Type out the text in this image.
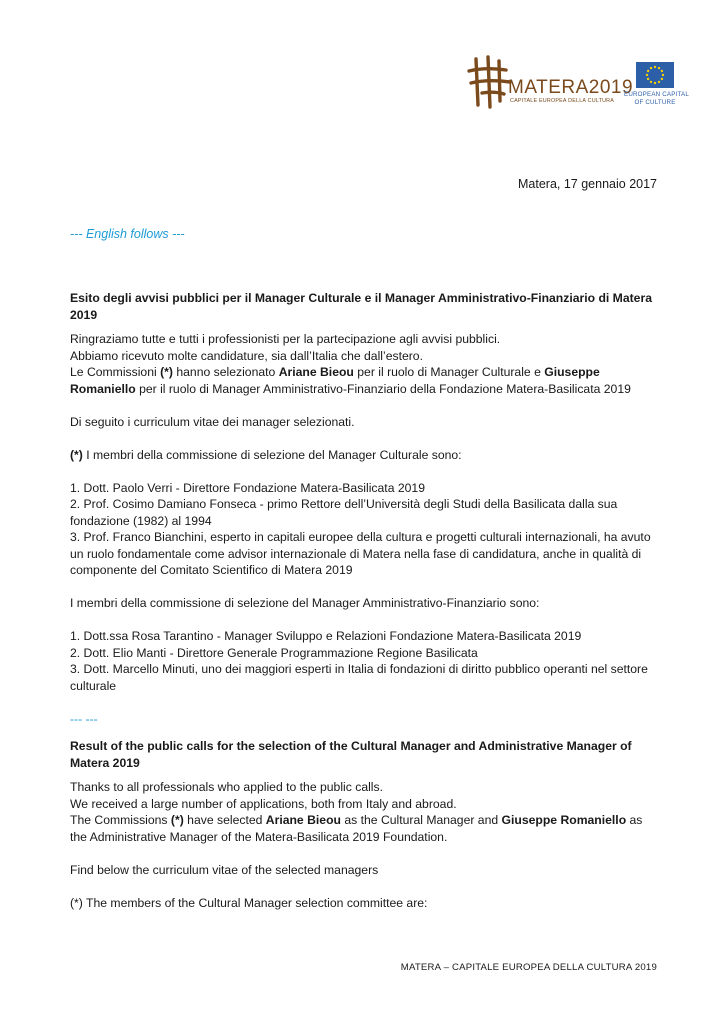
MATERA2019
CAPITALE EUROPEA DELLA CULTURA
EUROPEAN CAPITAL
OF CULTURE
Matera, 17 gennaio 2017
--- English follows ---

Esito degli avvisi pubblici per il Manager Culturale e il Manager Amministrativo-Finanziario di Matera 2019

Ringraziamo tutte e tutti i professionisti per la partecipazione agli avvisi pubblici.

Abbiamo ricevuto molte candidature, sia dall’Italia che dall’estero.

Le Commissioni (*) hanno selezionato Ariane Bieou per il ruolo di Manager Culturale e Giuseppe Romaniello per il ruolo di Manager Amministrativo-Finanziario della Fondazione Matera-Basilicata 2019

Di seguito i curriculum vitae dei manager selezionati.

(*) I membri della commissione di selezione del Manager Culturale sono:

1. Dott. Paolo Verri - Direttore Fondazione Matera-Basilicata 2019

2. Prof. Cosimo Damiano Fonseca - primo Rettore dell’Università degli Studi della Basilicata dalla sua fondazione (1982) al 1994

3. Prof. Franco Bianchini, esperto in capitali europee della cultura e progetti culturali internazionali, ha avuto un ruolo fondamentale come advisor internazionale di Matera nella fase di candidatura, anche in qualità di componente del Comitato Scientifico di Matera 2019

I membri della commissione di selezione del Manager Amministrativo-Finanziario sono:

1. Dott.ssa Rosa Tarantino - Manager Sviluppo e Relazioni Fondazione Matera-Basilicata 2019

2. Dott. Elio Manti - Direttore Generale Programmazione Regione Basilicata

3. Dott. Marcello Minuti, uno dei maggiori esperti in Italia di fondazioni di diritto pubblico operanti nel settore culturale

--- ---

Result of the public calls for the selection of the Cultural Manager and Administrative Manager of Matera 2019

Thanks to all professionals who applied to the public calls.

We received a large number of applications, both from Italy and abroad.

The Commissions (*) have selected Ariane Bieou as the Cultural Manager and Giuseppe Romaniello as the Administrative Manager of the Matera-Basilicata 2019 Foundation.

Find below the curriculum vitae of the selected managers

(*) The members of the Cultural Manager selection committee are:

MATERA – CAPITALE EUROPEA DELLA CULTURA 2019
